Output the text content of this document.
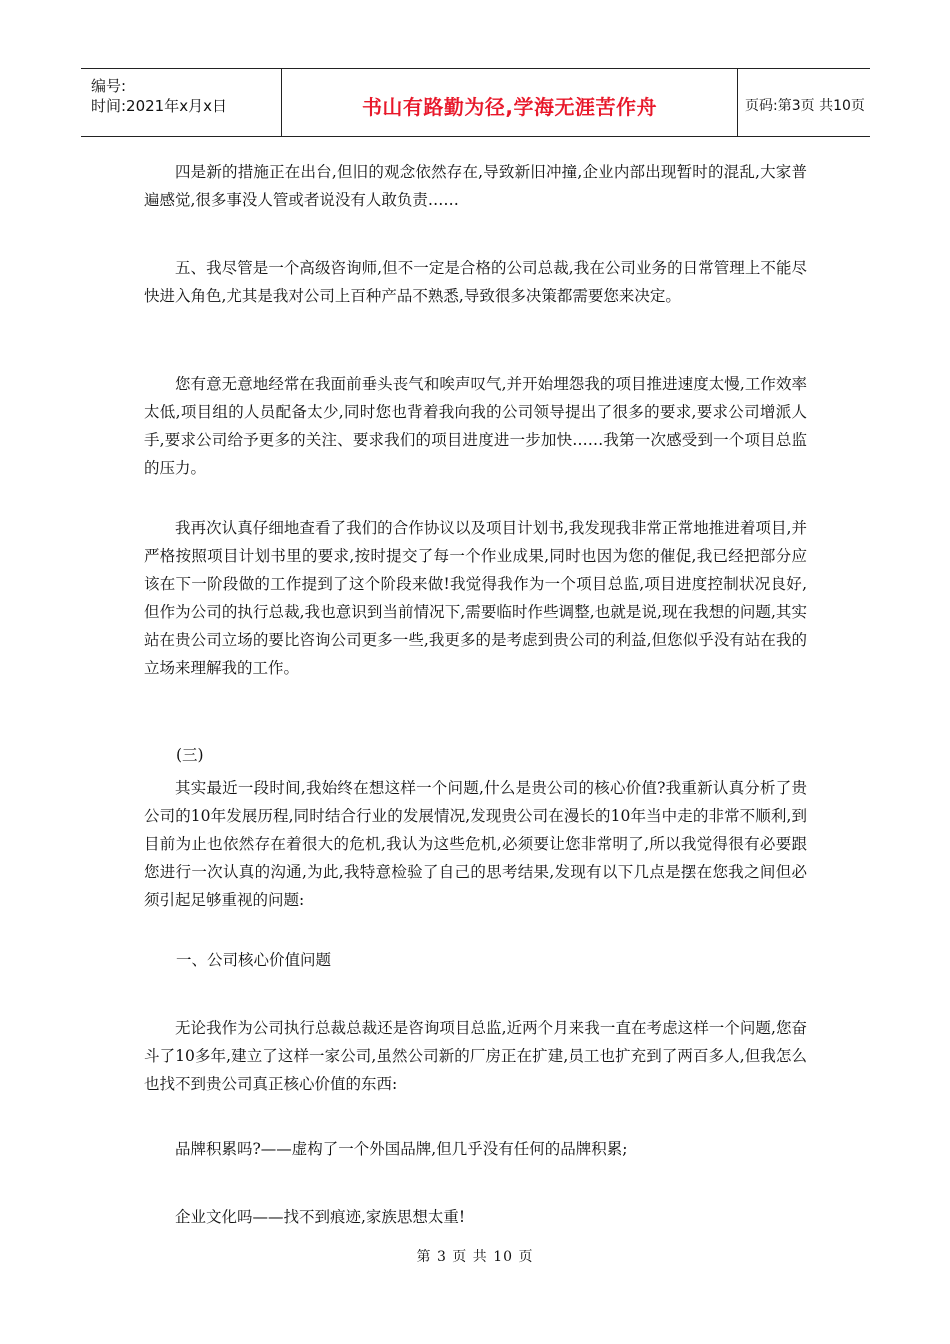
编号:
时间:2021年x月x日	书山有路勤为径,学海无涯苦作舟	页码:第3页 共10页

四是新的措施正在出台,但旧的观念依然存在,导致新旧冲撞,企业内部出现暂时的混乱,大家普遍感觉,很多事没人管或者说没有人敢负责……

五、我尽管是一个高级咨询师,但不一定是合格的公司总裁,我在公司业务的日常管理上不能尽快进入角色,尤其是我对公司上百种产品不熟悉,导致很多决策都需要您来决定。

您有意无意地经常在我面前垂头丧气和唉声叹气,并开始埋怨我的项目推进速度太慢,工作效率太低,项目组的人员配备太少,同时您也背着我向我的公司领导提出了很多的要求,要求公司增派人手,要求公司给予更多的关注、要求我们的项目进度进一步加快……我第一次感受到一个项目总监的压力。

我再次认真仔细地查看了我们的合作协议以及项目计划书,我发现我非常正常地推进着项目,并严格按照项目计划书里的要求,按时提交了每一个作业成果,同时也因为您的催促,我已经把部分应该在下一阶段做的工作提到了这个阶段来做!我觉得我作为一个项目总监,项目进度控制状况良好,但作为公司的执行总裁,我也意识到当前情况下,需要临时作些调整,也就是说,现在我想的问题,其实站在贵公司立场的要比咨询公司更多一些,我更多的是考虑到贵公司的利益,但您似乎没有站在我的立场来理解我的工作。

(三)

其实最近一段时间,我始终在想这样一个问题,什么是贵公司的核心价值?我重新认真分析了贵公司的10年发展历程,同时结合行业的发展情况,发现贵公司在漫长的10年当中走的非常不顺利,到目前为止也依然存在着很大的危机,我认为这些危机,必须要让您非常明了,所以我觉得很有必要跟您进行一次认真的沟通,为此,我特意检验了自己的思考结果,发现有以下几点是摆在您我之间但必须引起足够重视的问题:

一、公司核心价值问题

无论我作为公司执行总裁总裁还是咨询项目总监,近两个月来我一直在考虑这样一个问题,您奋斗了10多年,建立了这样一家公司,虽然公司新的厂房正在扩建,员工也扩充到了两百多人,但我怎么也找不到贵公司真正核心价值的东西:

品牌积累吗?——虚构了一个外国品牌,但几乎没有任何的品牌积累;

企业文化吗——找不到痕迹,家族思想太重!

第 3 页 共 10 页
